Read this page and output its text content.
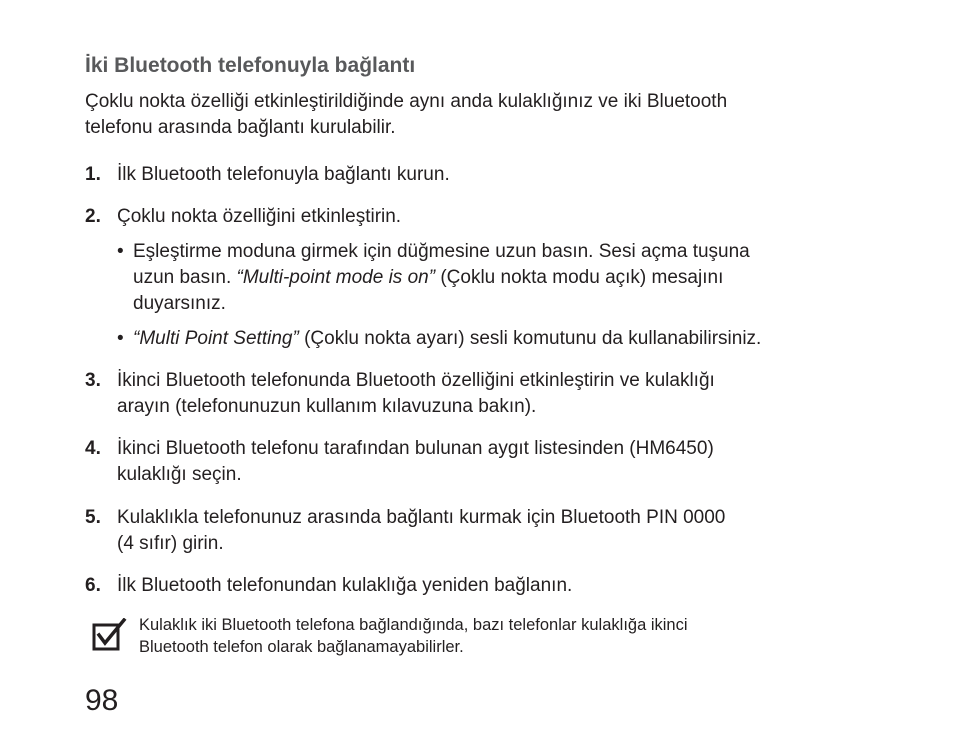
İki Bluetooth telefonuyla bağlantı

Çoklu nokta özelliği etkinleştirildiğinde aynı anda kulaklığınız ve iki Bluetooth
telefonu arasında bağlantı kurulabilir.

1. İlk Bluetooth telefonuyla bağlantı kurun.
2. Çoklu nokta özelliğini etkinleştirin.
• Eşleştirme moduna girmek için düğmesine uzun basın. Sesi açma tuşuna
uzun basın. “Multi-point mode is on” (Çoklu nokta modu açık) mesajını
duyarsınız.
• “Multi Point Setting” (Çoklu nokta ayarı) sesli komutunu da kullanabilirsiniz.
3. İkinci Bluetooth telefonunda Bluetooth özelliğini etkinleştirin ve kulaklığı
arayın (telefonunuzun kullanım kılavuzuna bakın).
4. İkinci Bluetooth telefonu tarafından bulunan aygıt listesinden (HM6450)
kulaklığı seçin.
5. Kulaklıkla telefonunuz arasında bağlantı kurmak için Bluetooth PIN 0000
(4 sıfır) girin.
6. İlk Bluetooth telefonundan kulaklığa yeniden bağlanın.

Kulaklık iki Bluetooth telefona bağlandığında, bazı telefonlar kulaklığa ikinci
Bluetooth telefon olarak bağlanamayabilirler.

98
